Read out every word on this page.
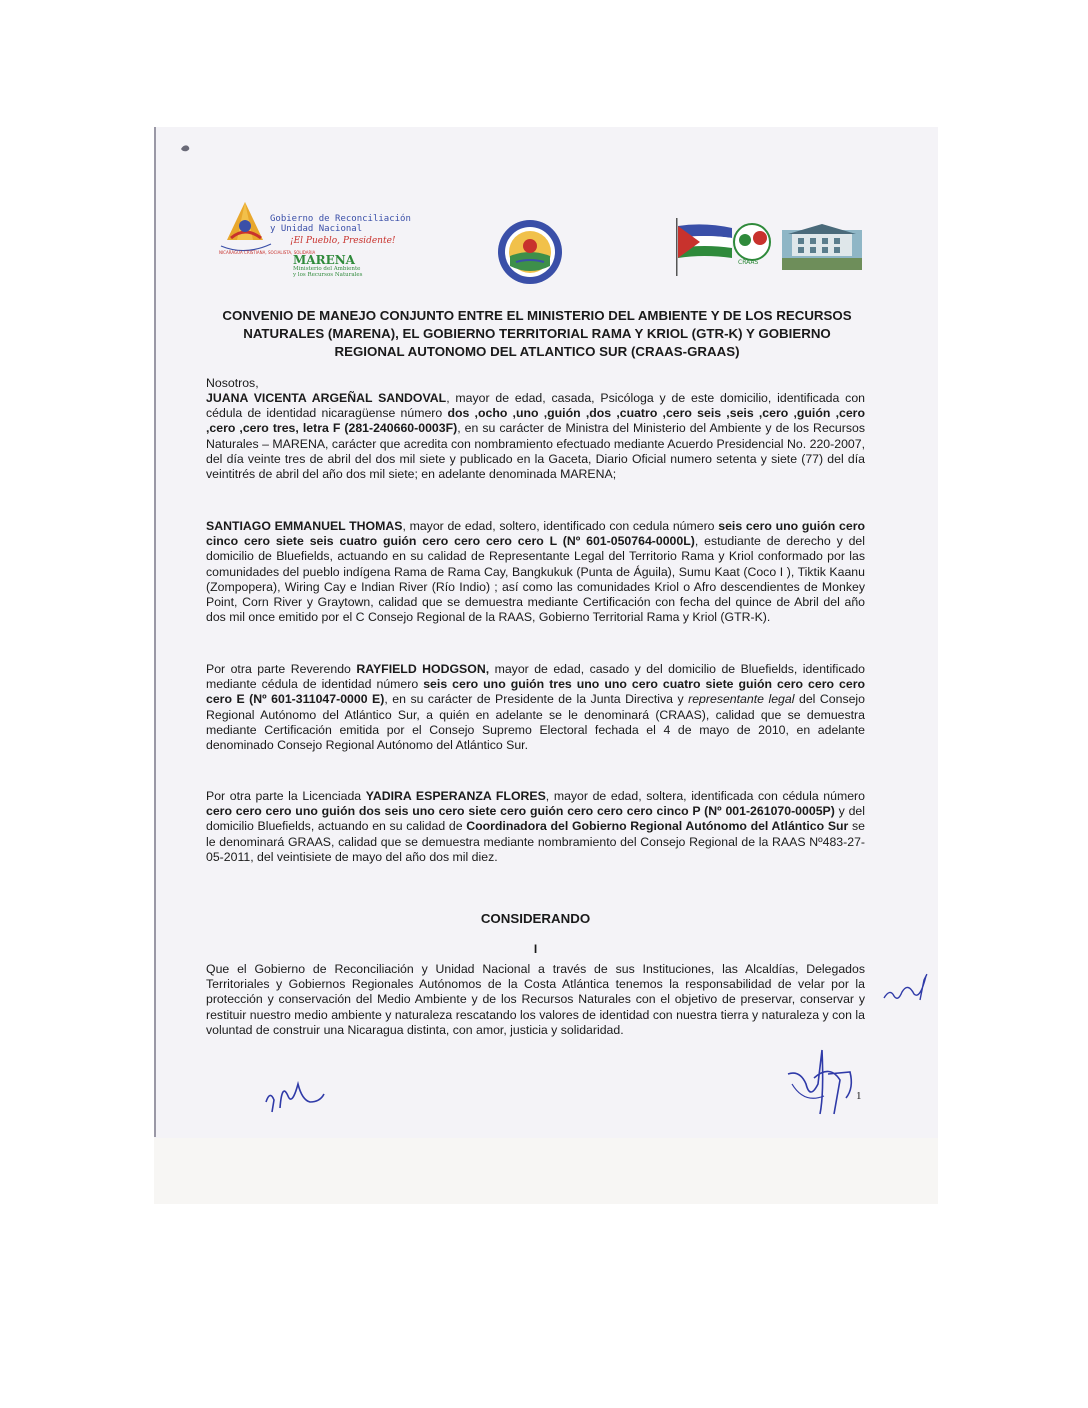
NICARAGUA CRISTIANA, SOCIALISTA, SOLIDARIA
Gobierno de Reconciliación
y Unidad Nacional
¡El Pueblo, Presidente!
MARENA
Ministerio del Ambiente
y los Recursos Naturales
CRAAS
CONVENIO DE MANEJO CONJUNTO ENTRE EL MINISTERIO DEL AMBIENTE Y DE LOS RECURSOS
NATURALES (MARENA), EL GOBIERNO TERRITORIAL RAMA Y KRIOL (GTR-K) Y GOBIERNO
REGIONAL AUTONOMO DEL ATLANTICO SUR (CRAAS-GRAAS)

Nosotros,

JUANA VICENTA ARGEÑAL SANDOVAL, mayor de edad, casada, Psicóloga y de este domicilio, identificada con cédula de identidad nicaragüense número dos ,ocho ,uno ,guión ,dos ,cuatro ,cero seis ,seis ,cero ,guión ,cero ,cero ,cero tres, letra F (281-240660-0003F), en su carácter de Ministra del Ministerio del Ambiente y de los Recursos Naturales – MARENA, carácter que acredita con nombramiento efectuado mediante Acuerdo Presidencial No. 220-2007, del día veinte tres de abril del dos mil siete y publicado en la Gaceta, Diario Oficial numero setenta y siete (77) del día veintitrés de abril del año dos mil siete; en adelante denominada MARENA;

SANTIAGO EMMANUEL THOMAS, mayor de edad, soltero, identificado con cedula número seis cero uno guión cero cinco cero siete seis cuatro guión cero cero cero cero L (Nº 601-050764-0000L), estudiante de derecho y del domicilio de Bluefields, actuando en su calidad de Representante Legal del Territorio Rama y Kriol conformado por las comunidades del pueblo indígena Rama de Rama Cay, Bangkukuk (Punta de Águila), Sumu Kaat (Coco I ), Tiktik Kaanu (Zompopera), Wiring Cay e Indian River (Río Indio) ; así como las comunidades Kriol o Afro descendientes de Monkey Point, Corn River y Graytown, calidad que se demuestra mediante Certificación con fecha del quince de Abril del año dos mil once emitido por el C Consejo Regional de la RAAS, Gobierno Territorial Rama y Kriol (GTR-K).

Por otra parte Reverendo RAYFIELD HODGSON, mayor de edad, casado y del domicilio de Bluefields, identificado mediante cédula de identidad número seis cero uno guión tres uno uno cero cuatro siete guión cero cero cero cero E (Nº 601-311047-0000 E), en su carácter de Presidente de la Junta Directiva y representante legal del Consejo Regional Autónomo del Atlántico Sur, a quién en adelante se le denominará (CRAAS), calidad que se demuestra mediante Certificación emitida por el Consejo Supremo Electoral fechada el 4 de mayo de 2010, en adelante denominado Consejo Regional Autónomo del Atlántico Sur.

Por otra parte la Licenciada YADIRA ESPERANZA FLORES, mayor de edad, soltera, identificada con cédula número cero cero cero uno guión dos seis uno cero siete cero guión cero cero cero cinco P (Nº 001-261070-0005P) y del domicilio Bluefields, actuando en su calidad de Coordinadora del Gobierno Regional Autónomo del Atlántico Sur se le denominará GRAAS, calidad que se demuestra mediante nombramiento del Consejo Regional de la RAAS Nº483-27-05-2011, del veintisiete de mayo del año dos mil diez.

CONSIDERANDO
I

Que el Gobierno de Reconciliación y Unidad Nacional a través de sus Instituciones, las Alcaldías, Delegados Territoriales y Gobiernos Regionales Autónomos de la Costa Atlántica tenemos la responsabilidad de velar por la protección y conservación del Medio Ambiente y de los Recursos Naturales con el objetivo de preservar, conservar y restituir nuestro medio ambiente y naturaleza rescatando los valores de identidad con nuestra tierra y naturaleza y con la voluntad de construir una Nicaragua distinta, con amor, justicia y solidaridad.

1
